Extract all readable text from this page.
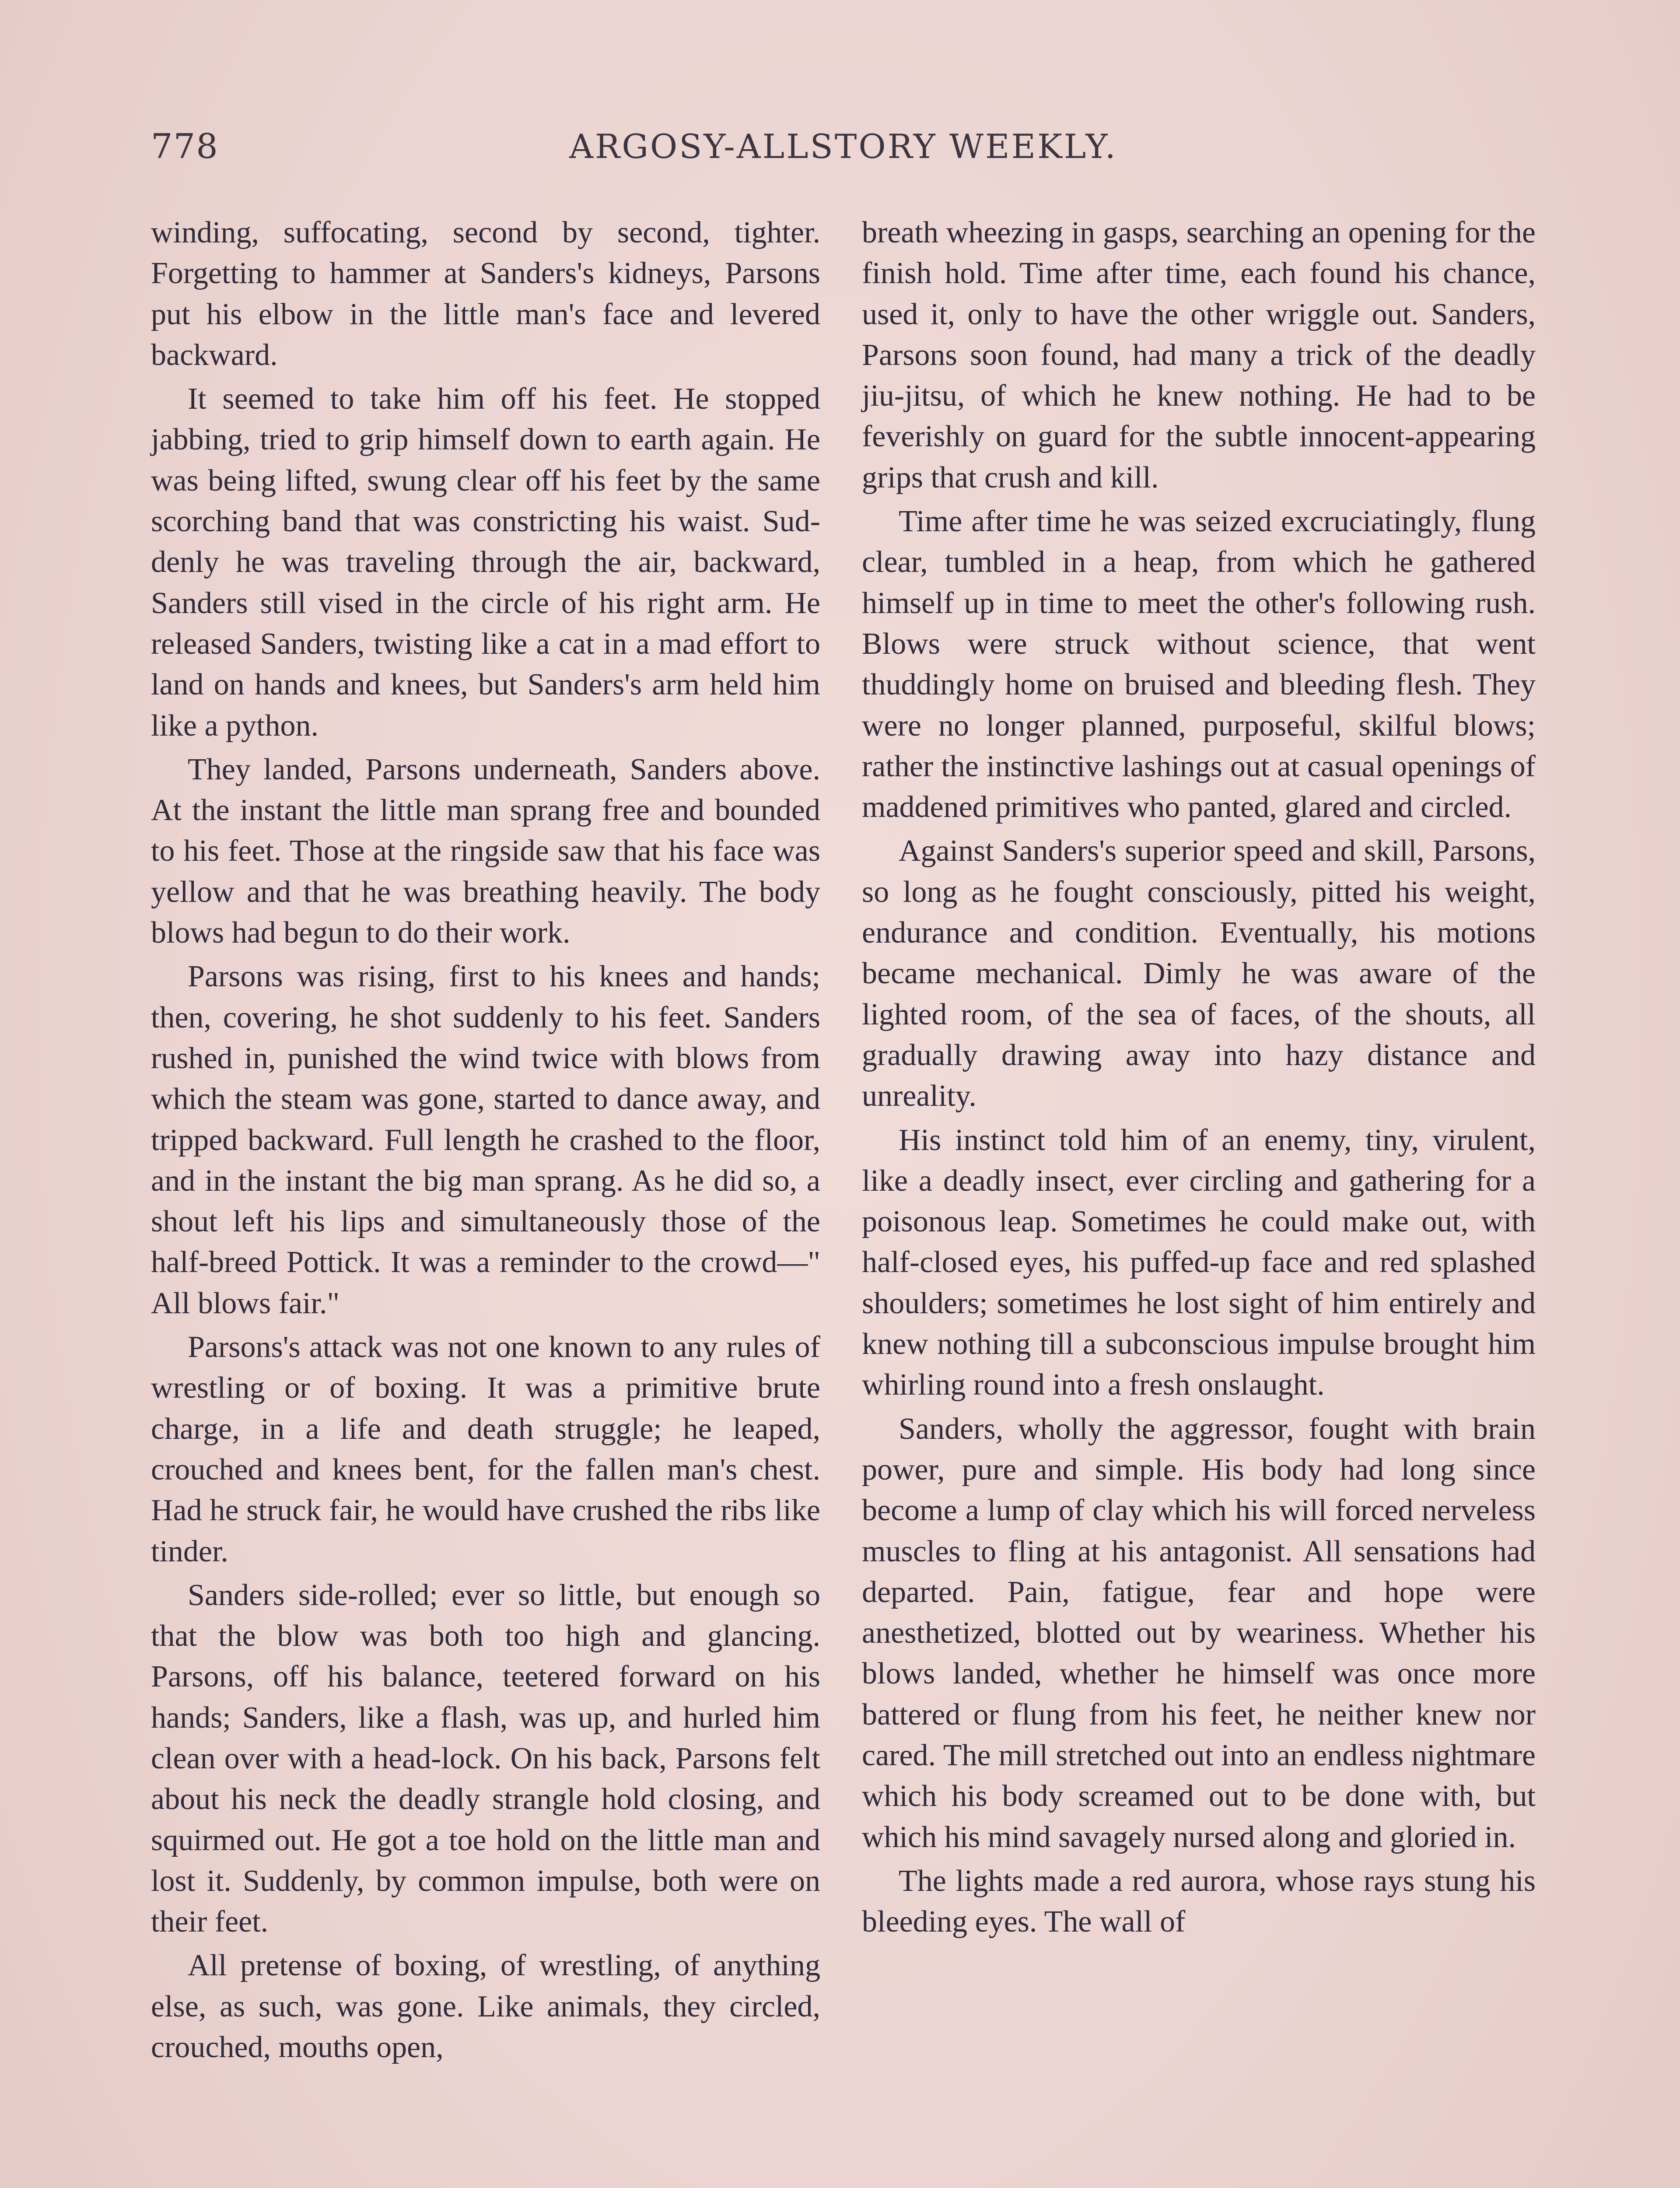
778	ARGOSY-ALLSTORY WEEKLY.

winding, suffocating, second by second, tighter. Forgetting to hammer at Sanders's kidneys, Parsons put his elbow in the little man's face and levered backward.

It seemed to take him off his feet. He stopped jabbing, tried to grip himself down to earth again. He was being lifted, swung clear off his feet by the same scorching band that was constricting his waist. Suddenly he was traveling through the air, backward, Sanders still vised in the circle of his right arm. He released Sanders, twisting like a cat in a mad effort to land on hands and knees, but Sanders's arm held him like a python.

They landed, Parsons underneath, Sanders above. At the instant the little man sprang free and bounded to his feet. Those at the ringside saw that his face was yellow and that he was breathing heavily. The body blows had begun to do their work.

Parsons was rising, first to his knees and hands; then, covering, he shot suddenly to his feet. Sanders rushed in, punished the wind twice with blows from which the steam was gone, started to dance away, and tripped backward. Full length he crashed to the floor, and in the instant the big man sprang. As he did so, a shout left his lips and simultaneously those of the half-breed Pottick. It was a reminder to the crowd—" All blows fair."

Parsons's attack was not one known to any rules of wrestling or of boxing. It was a primitive brute charge, in a life and death struggle; he leaped, crouched and knees bent, for the fallen man's chest. Had he struck fair, he would have crushed the ribs like tinder.

Sanders side-rolled; ever so little, but enough so that the blow was both too high and glancing. Parsons, off his balance, teetered forward on his hands; Sanders, like a flash, was up, and hurled him clean over with a head-lock. On his back, Parsons felt about his neck the deadly strangle hold closing, and squirmed out. He got a toe hold on the little man and lost it. Suddenly, by common impulse, both were on their feet.

All pretense of boxing, of wrestling, of anything else, as such, was gone. Like animals, they circled, crouched, mouths open,

breath wheezing in gasps, searching an opening for the finish hold. Time after time, each found his chance, used it, only to have the other wriggle out. Sanders, Parsons soon found, had many a trick of the deadly jiu-jitsu, of which he knew nothing. He had to be feverishly on guard for the subtle innocent-appearing grips that crush and kill.

Time after time he was seized excruciatingly, flung clear, tumbled in a heap, from which he gathered himself up in time to meet the other's following rush. Blows were struck without science, that went thuddingly home on bruised and bleeding flesh. They were no longer planned, purposeful, skilful blows; rather the instinctive lashings out at casual openings of maddened primitives who panted, glared and circled.

Against Sanders's superior speed and skill, Parsons, so long as he fought consciously, pitted his weight, endurance and condition. Eventually, his motions became mechanical. Dimly he was aware of the lighted room, of the sea of faces, of the shouts, all gradually drawing away into hazy distance and unreality.

His instinct told him of an enemy, tiny, virulent, like a deadly insect, ever circling and gathering for a poisonous leap. Sometimes he could make out, with half-closed eyes, his puffed-up face and red splashed shoulders; sometimes he lost sight of him entirely and knew nothing till a subconscious impulse brought him whirling round into a fresh onslaught.

Sanders, wholly the aggressor, fought with brain power, pure and simple. His body had long since become a lump of clay which his will forced nerveless muscles to fling at his antagonist. All sensations had departed. Pain, fatigue, fear and hope were anesthetized, blotted out by weariness. Whether his blows landed, whether he himself was once more battered or flung from his feet, he neither knew nor cared. The mill stretched out into an endless nightmare which his body screamed out to be done with, but which his mind savagely nursed along and gloried in.

The lights made a red aurora, whose rays stung his bleeding eyes. The wall of
